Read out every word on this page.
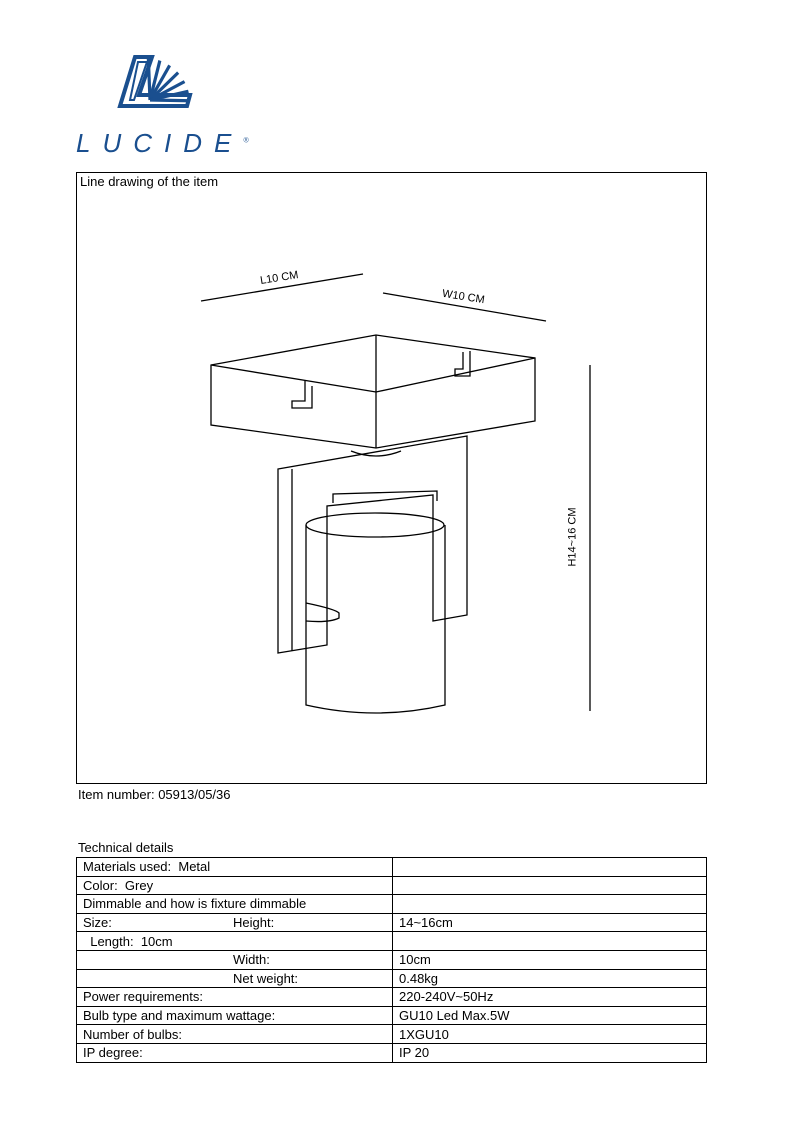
LUCIDE®
Line drawing of the item
L10 CM
W10 CM
H14~16 CM
Item number: 05913/05/36
Technical details
Materials used:  Metal	
Color:  Grey	
Dimmable and how is fixture dimmable	
Size: Height:	14~16cm
Length:  10cm	
Width:	10cm
Net weight:	0.48kg
Power requirements:	220-240V~50Hz
Bulb type and maximum wattage:	GU10 Led Max.5W
Number of bulbs:	1XGU10
IP degree:	IP 20
